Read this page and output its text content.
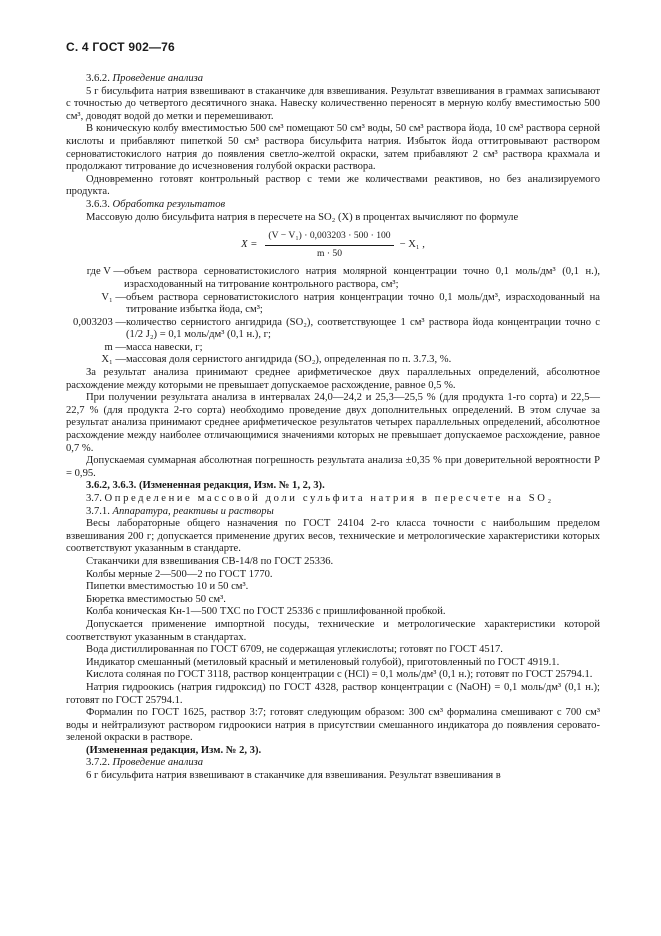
С. 4 ГОСТ 902—76

3.6.2. Проведение анализа

5 г бисульфита натрия взвешивают в стаканчике для взвешивания. Результат взвешивания в граммах записывают с точностью до четвертого десятичного знака. Навеску количественно переносят в мерную колбу вместимостью 500 см³, доводят водой до метки и перемешивают.

В коническую колбу вместимостью 500 см³ помещают 50 см³ воды, 50 см³ раствора йода, 10 см³ раствора серной кислоты и прибавляют пипеткой 50 см³ раствора бисульфита натрия. Избыток йода оттитровывают раствором серноватистокислого натрия до появления светло-желтой окраски, затем прибавляют 2 см³ раствора крахмала и продолжают титрование до исчезновения голубой окраски раствора.

Одновременно готовят контрольный раствор с теми же количествами реактивов, но без анализируемого продукта.

3.6.3. Обработка результатов

Массовую долю бисульфита натрия в пересчете на SO₂ (X) в процентах вычисляют по формуле

$X = \frac{\text{(V − V₁) · 0,003203 · 500 · 100}}{m \cdot 50} - X_1$ ,
где V — объем раствора серноватистокислого натрия молярной концентрации точно 0,1 моль/дм³ (0,1 н.), израсходованный на титрование контрольного раствора, см³;
V₁ — объем раствора серноватистокислого натрия концентрации точно 0,1 моль/дм³, израсходованный на титрование избытка йода, см³;
0,003203 — количество сернистого ангидрида (SO₂), соответствующее 1 см³ раствора йода концентрации точно c (1/2 J₂) = 0,1 моль/дм³ (0,1 н.), г;
m — масса навески, г;
X₁ — массовая доля сернистого ангидрида (SO₂), определенная по п. 3.7.3, %.

За результат анализа принимают среднее арифметическое двух параллельных определений, абсолютное расхождение между которыми не превышает допускаемое расхождение, равное 0,5 %.

При получении результата анализа в интервалах 24,0—24,2 и 25,3—25,5 % (для продукта 1-го сорта) и 22,5—22,7 % (для продукта 2-го сорта) необходимо проведение двух дополнительных определений. В этом случае за результат анализа принимают среднее арифметическое результатов четырех параллельных определений, абсолютное расхождение между наиболее отличающимися значениями которых не превышает допускаемое расхождение, равное 0,7 %.

Допускаемая суммарная абсолютная погрешность результата анализа ±0,35 % при доверительной вероятности P = 0,95.

3.6.2, 3.6.3. (Измененная редакция, Изм. № 1, 2, 3).

3.7. Определение массовой доли сульфита натрия в пересчете на SO₂

3.7.1. Аппаратура, реактивы и растворы

Весы лабораторные общего назначения по ГОСТ 24104 2-го класса точности с наибольшим пределом взвешивания 200 г; допускается применение других весов, технические и метрологические характеристики которых соответствуют указанным в стандарте.

Стаканчики для взвешивания СВ-14/8 по ГОСТ 25336.

Колбы мерные 2—500—2 по ГОСТ 1770.

Пипетки вместимостью 10 и 50 см³.

Бюретка вместимостью 50 см³.

Колба коническая Кн-1—500 ТХС по ГОСТ 25336 с пришлифованной пробкой.

Допускается применение импортной посуды, технические и метрологические характеристики которой соответствуют указанным в стандартах.

Вода дистиллированная по ГОСТ 6709, не содержащая углекислоты; готовят по ГОСТ 4517.

Индикатор смешанный (метиловый красный и метиленовый голубой), приготовленный по ГОСТ 4919.1.

Кислота соляная по ГОСТ 3118, раствор концентрации c (HCl) = 0,1 моль/дм³ (0,1 н.); готовят по ГОСТ 25794.1.

Натрия гидроокись (натрия гидроксид) по ГОСТ 4328, раствор концентрации c (NaOH) = 0,1 моль/дм³ (0,1 н.); готовят по ГОСТ 25794.1.

Формалин по ГОСТ 1625, раствор 3:7; готовят следующим образом: 300 см³ формалина смешивают с 700 см³ воды и нейтрализуют раствором гидроокиси натрия в присутствии смешанного индикатора до появления серовато-зеленой окраски в растворе.

(Измененная редакция, Изм. № 2, 3).

3.7.2. Проведение анализа

6 г бисульфита натрия взвешивают в стаканчике для взвешивания. Результат взвешивания в
